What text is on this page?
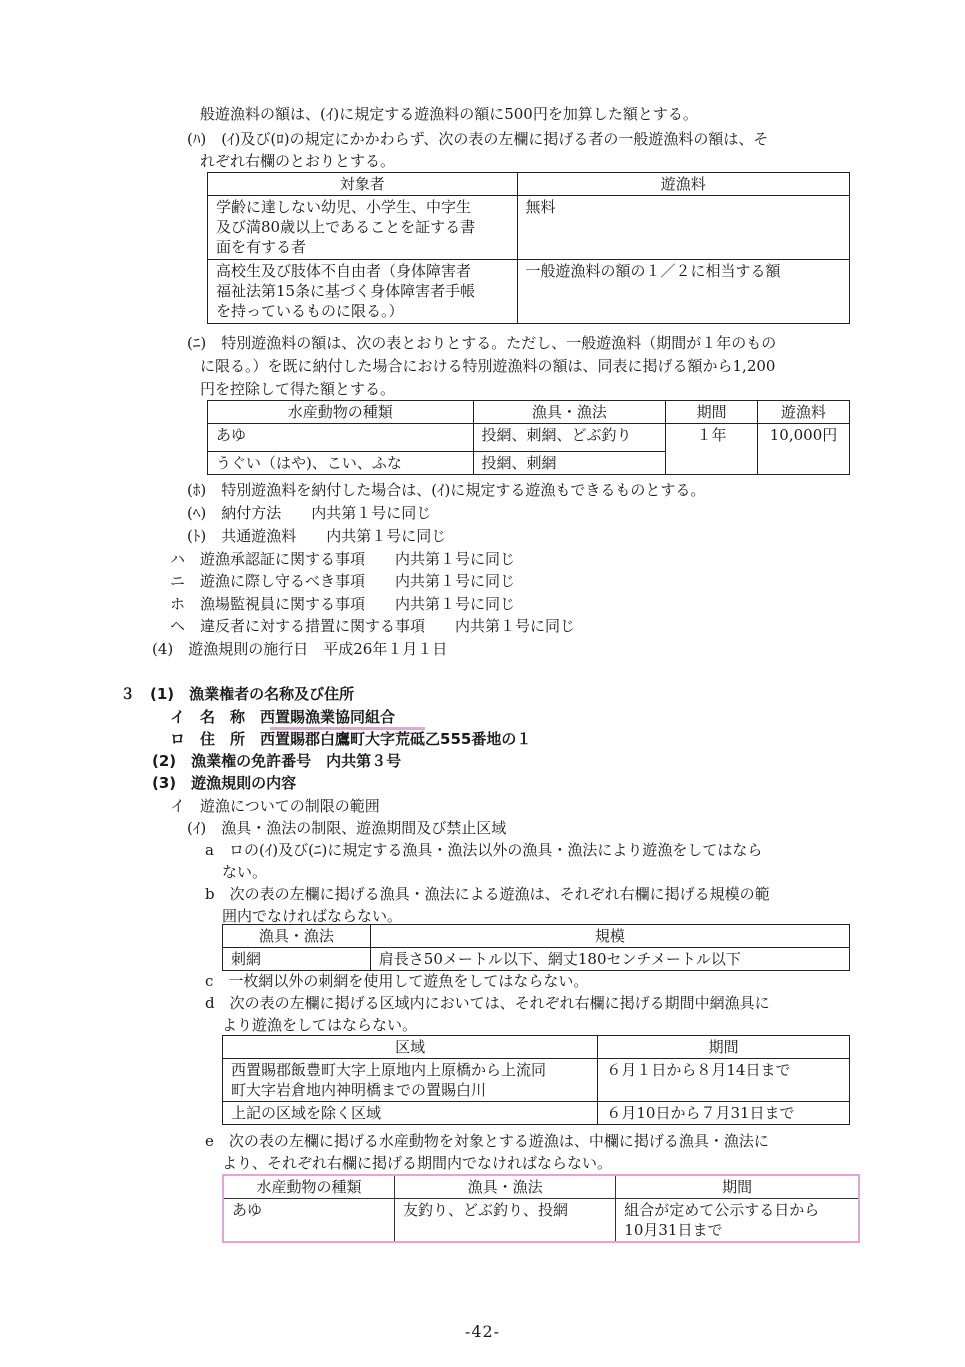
般遊漁料の額は、(ｲ)に規定する遊漁料の額に500円を加算した額とする。
(ﾊ)　(ｲ)及び(ﾛ)の規定にかかわらず、次の表の左欄に掲げる者の一般遊漁料の額は、そ
れぞれ右欄のとおりとする。
対象者	遊漁料
学齢に達しない幼児、小学生、中字生
及び満80歳以上であることを証する書
面を有する者	無料
高校生及び肢体不自由者（身体障害者
福祉法第15条に基づく身体障害者手帳
を持っているものに限る。）	一般遊漁料の額の１／２に相当する額
(ﾆ)　特別遊漁料の額は、次の表とおりとする。ただし、一般遊漁料（期間が１年のもの
に限る。）を既に納付した場合における特別遊漁料の額は、同表に掲げる額から1,200
円を控除して得た額とする。
水産動物の種類	漁具・漁法	期間	遊漁料
あゆ	投網、刺網、どぶ釣り	１年	10,000円
うぐい（はや)、こい、ふな	投網、刺網		
(ﾎ)　特別遊漁料を納付した場合は、(ｲ)に規定する遊漁もできるものとする。
(ﾍ)　納付方法　　内共第１号に同じ
(ﾄ)　共通遊漁料　　内共第１号に同じ
ハ　遊漁承認証に関する事項　　内共第１号に同じ
ニ　遊漁に際し守るべき事項　　内共第１号に同じ
ホ　漁場監視員に関する事項　　内共第１号に同じ
ヘ　違反者に対する措置に関する事項　　内共第１号に同じ
(4)　遊漁規則の施行日　平成26年１月１日
３　(1)　漁業権者の名称及び住所
イ　名　称　西置賜漁業協同組合
ロ　住　所　西置賜郡白鷹町大字荒砥乙555番地の１
(2)　漁業権の免許番号　内共第３号
(3)　遊漁規則の内容
イ　遊漁についての制限の範囲
(ｲ)　漁具・漁法の制限、遊漁期間及び禁止区域
a　ロの(ｲ)及び(ﾆ)に規定する漁具・漁法以外の漁具・漁法により遊漁をしてはなら
ない。
b　次の表の左欄に掲げる漁具・漁法による遊漁は、それぞれ右欄に掲げる規模の範
囲内でなければならない。
漁具・漁法	規模
刺網	肩長さ50メートル以下、網丈180センチメートル以下
c　一枚網以外の刺網を使用して遊魚をしてはならない。
d　次の表の左欄に掲げる区域内においては、それぞれ右欄に掲げる期間中網漁具に
より遊漁をしてはならない。
区域	期間
西置賜郡飯豊町大字上原地内上原橋から上流同
町大字岩倉地内神明橋までの置賜白川	６月１日から８月14日まで
上記の区域を除く区域	６月10日から７月31日まで
e　次の表の左欄に掲げる水産動物を対象とする遊漁は、中欄に掲げる漁具・漁法に
より、それぞれ右欄に掲げる期間内でなければならない。
水産動物の種類	漁具・漁法	期間
あゆ	友釣り、どぶ釣り、投網	組合が定めて公示する日から
10月31日まで
-42-
